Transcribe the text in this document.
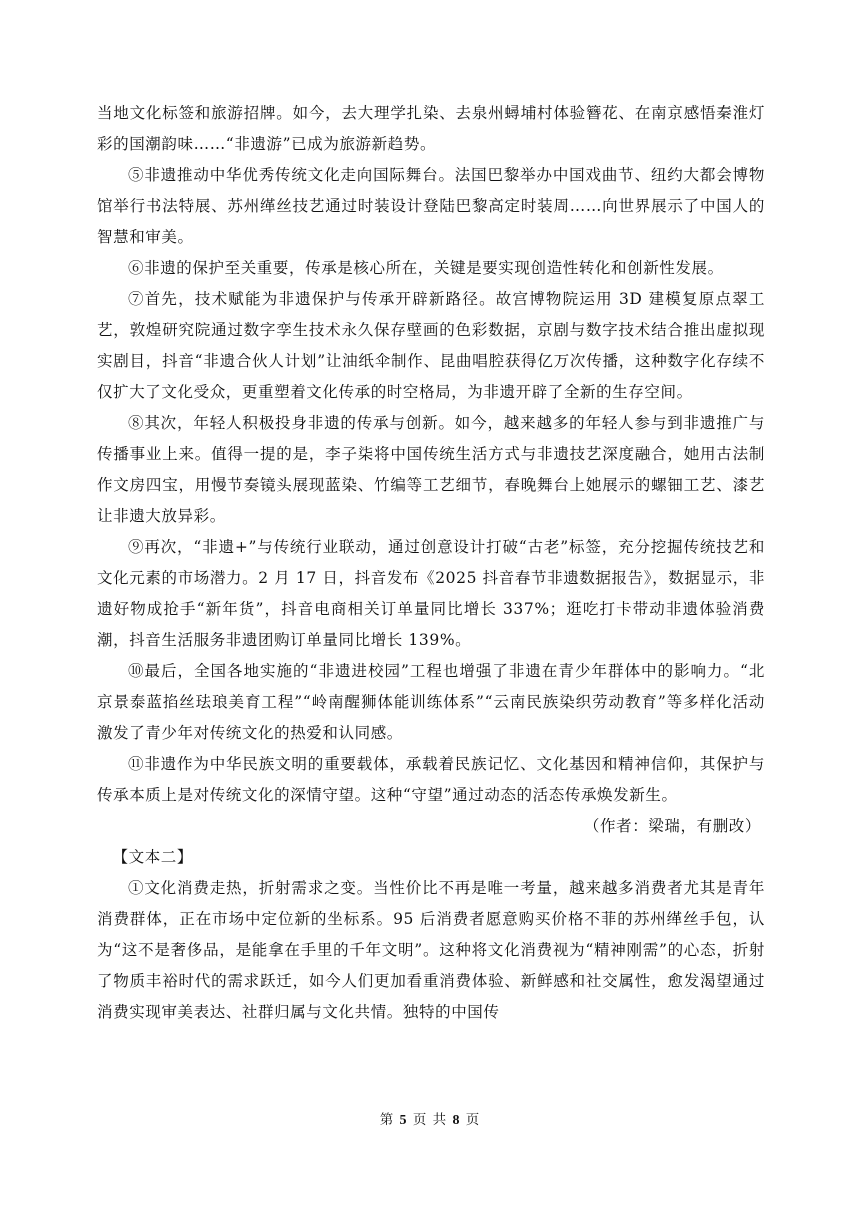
当地文化标签和旅游招牌。如今，去大理学扎染、去泉州蟳埔村体验簪花、在南京感悟秦淮灯彩的国潮韵味……“非遗游”已成为旅游新趋势。

⑤非遗推动中华优秀传统文化走向国际舞台。法国巴黎举办中国戏曲节、纽约大都会博物馆举行书法特展、苏州缂丝技艺通过时装设计登陆巴黎高定时装周……向世界展示了中国人的智慧和审美。

⑥非遗的保护至关重要，传承是核心所在，关键是要实现创造性转化和创新性发展。

⑦首先，技术赋能为非遗保护与传承开辟新路径。故宫博物院运用 3D 建模复原点翠工艺，敦煌研究院通过数字孪生技术永久保存壁画的色彩数据，京剧与数字技术结合推出虚拟现实剧目，抖音“非遗合伙人计划”让油纸伞制作、昆曲唱腔获得亿万次传播，这种数字化存续不仅扩大了文化受众，更重塑着文化传承的时空格局，为非遗开辟了全新的生存空间。

⑧其次，年轻人积极投身非遗的传承与创新。如今，越来越多的年轻人参与到非遗推广与传播事业上来。值得一提的是，李子柒将中国传统生活方式与非遗技艺深度融合，她用古法制作文房四宝，用慢节奏镜头展现蓝染、竹编等工艺细节，春晚舞台上她展示的螺钿工艺、漆艺让非遗大放异彩。

⑨再次，“非遗+”与传统行业联动，通过创意设计打破“古老”标签，充分挖掘传统技艺和文化元素的市场潜力。2 月 17 日，抖音发布《2025 抖音春节非遗数据报告》，数据显示，非遗好物成抢手“新年货”，抖音电商相关订单量同比增长 337%；逛吃打卡带动非遗体验消费潮，抖音生活服务非遗团购订单量同比增长 139%。

⑩最后，全国各地实施的“非遗进校园”工程也增强了非遗在青少年群体中的影响力。“北京景泰蓝掐丝珐琅美育工程”“岭南醒狮体能训练体系”“云南民族染织劳动教育”等多样化活动激发了青少年对传统文化的热爱和认同感。

⑪非遗作为中华民族文明的重要载体，承载着民族记忆、文化基因和精神信仰，其保护与传承本质上是对传统文化的深情守望。这种“守望”通过动态的活态传承焕发新生。

（作者：梁瑞，有删改）

【文本二】

①文化消费走热，折射需求之变。当性价比不再是唯一考量，越来越多消费者尤其是青年消费群体，正在市场中定位新的坐标系。95 后消费者愿意购买价格不菲的苏州缂丝手包，认为“这不是奢侈品，是能拿在手里的千年文明”。这种将文化消费视为“精神刚需”的心态，折射了物质丰裕时代的需求跃迁，如今人们更加看重消费体验、新鲜感和社交属性，愈发渴望通过消费实现审美表达、社群归属与文化共情。独特的中国传

第 5 页 共 8 页
